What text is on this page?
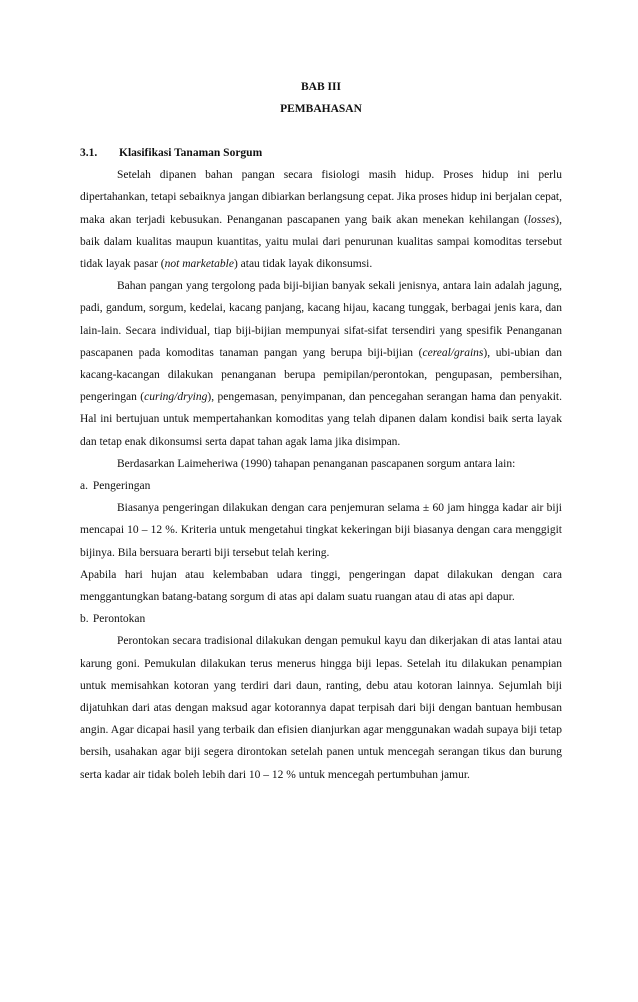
BAB III
PEMBAHASAN
3.1.	Klasifikasi Tanaman Sorgum

Setelah dipanen bahan pangan secara fisiologi masih hidup. Proses hidup ini perlu dipertahankan, tetapi sebaiknya jangan dibiarkan berlangsung cepat. Jika proses hidup ini berjalan cepat, maka akan terjadi kebusukan. Penanganan pascapanen yang baik akan menekan kehilangan (losses), baik dalam kualitas maupun kuantitas, yaitu mulai dari penurunan kualitas sampai komoditas tersebut tidak layak pasar (not marketable) atau tidak layak dikonsumsi.

Bahan pangan yang tergolong pada biji-bijian banyak sekali jenisnya, antara lain adalah jagung, padi, gandum, sorgum, kedelai, kacang panjang, kacang hijau, kacang tunggak, berbagai jenis kara, dan lain-lain. Secara individual, tiap biji-bijian mempunyai sifat-sifat tersendiri yang spesifik Penanganan pascapanen pada komoditas tanaman pangan yang berupa biji-bijian (cereal/grains), ubi-ubian dan kacang-kacangan dilakukan penanganan berupa pemipilan/perontokan, pengupasan, pembersihan, pengeringan (curing/drying), pengemasan, penyimpanan, dan pencegahan serangan hama dan penyakit. Hal ini bertujuan untuk mempertahankan komoditas yang telah dipanen dalam kondisi baik serta layak dan tetap enak dikonsumsi serta dapat tahan agak lama jika disimpan.

Berdasarkan Laimeheriwa (1990) tahapan penanganan pascapanen sorgum antara lain:

a. Pengeringan

Biasanya pengeringan dilakukan dengan cara penjemuran selama ± 60 jam hingga kadar air biji mencapai 10 – 12 %. Kriteria untuk mengetahui tingkat kekeringan biji biasanya dengan cara menggigit bijinya. Bila bersuara berarti biji tersebut telah kering.

Apabila hari hujan atau kelembaban udara tinggi, pengeringan dapat dilakukan dengan cara menggantungkan batang-batang sorgum di atas api dalam suatu ruangan atau di atas api dapur.

b. Perontokan

Perontokan secara tradisional dilakukan dengan pemukul kayu dan dikerjakan di atas lantai atau karung goni. Pemukulan dilakukan terus menerus hingga biji lepas. Setelah itu dilakukan penampian untuk memisahkan kotoran yang terdiri dari daun, ranting, debu atau kotoran lainnya. Sejumlah biji dijatuhkan dari atas dengan maksud agar kotorannya dapat terpisah dari biji dengan bantuan hembusan angin. Agar dicapai hasil yang terbaik dan efisien dianjurkan agar menggunakan wadah supaya biji tetap bersih, usahakan agar biji segera dirontokan setelah panen untuk mencegah serangan tikus dan burung serta kadar air tidak boleh lebih dari 10 – 12 % untuk mencegah pertumbuhan jamur.
